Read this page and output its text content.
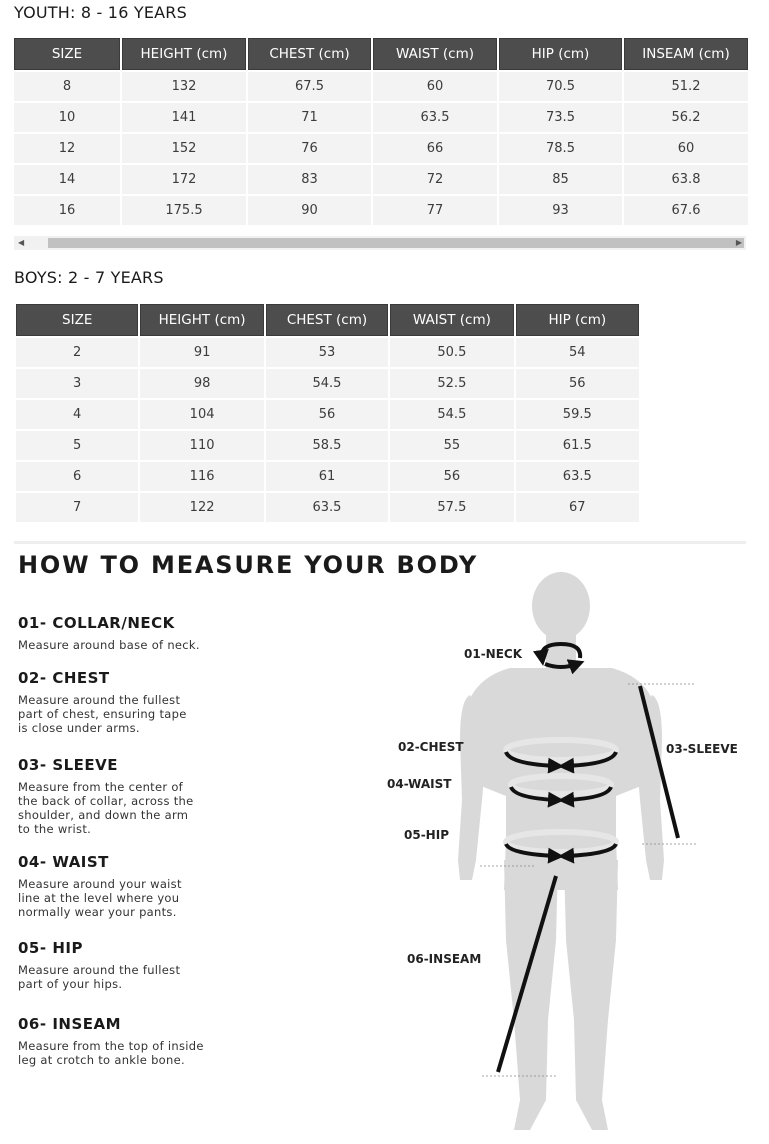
YOUTH: 8 - 16 YEARS
SIZE	HEIGHT (cm)	CHEST (cm)	WAIST (cm)	HIP (cm)	INSEAM (cm)
8	132	67.5	60	70.5	51.2
10	141	71	63.5	73.5	56.2
12	152	76	66	78.5	60
14	172	83	72	85	63.8
16	175.5	90	77	93	67.6
◀	▶
BOYS: 2 - 7 YEARS
SIZE	HEIGHT (cm)	CHEST (cm)	WAIST (cm)	HIP (cm)
2	91	53	50.5	54
3	98	54.5	52.5	56
4	104	56	54.5	59.5
5	110	58.5	55	61.5
6	116	61	56	63.5
7	122	63.5	57.5	67
HOW TO MEASURE YOUR BODY
01- COLLAR/NECK

Measure around base of neck.

02- CHEST

Measure around the fullest
part of chest, ensuring tape
is close under arms.

03- SLEEVE

Measure from the center of
the back of collar, across the
shoulder, and down the arm
to the wrist.

04- WAIST

Measure around your waist
line at the level where you
normally wear your pants.

05- HIP

Measure around the fullest
part of your hips.

06- INSEAM

Measure from the top of inside
leg at crotch to ankle bone.

01-NECK
02-CHEST	03-SLEEVE
04-WAIST
05-HIP
06-INSEAM
